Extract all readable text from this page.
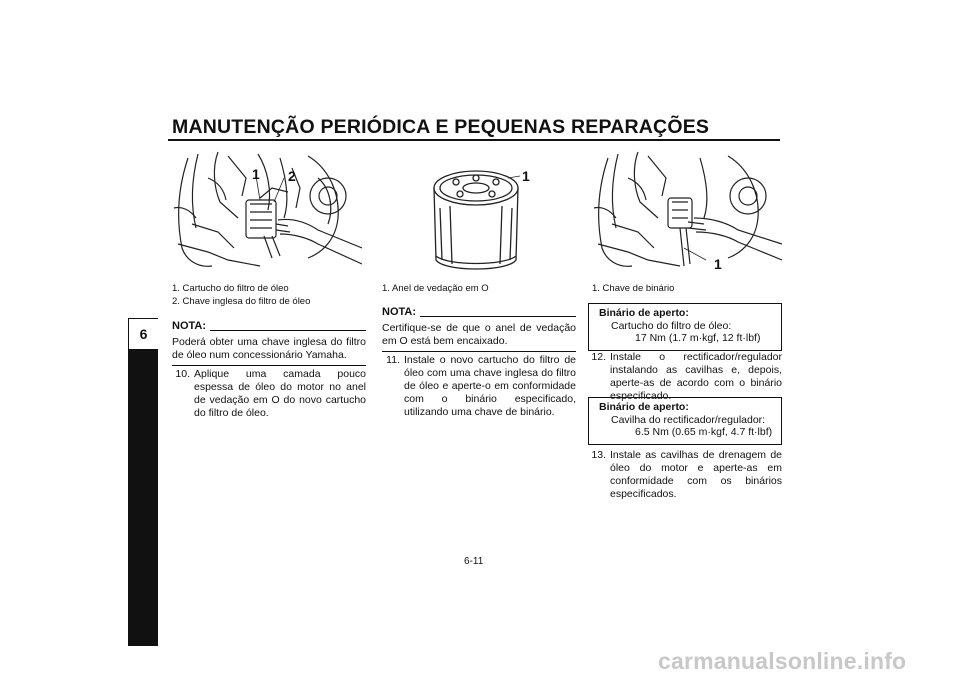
MANUTENÇÃO PERIÓDICA E PEQUENAS REPARAÇÕES
6
1 2	1
1
1. Cartucho do filtro de óleo
2. Chave inglesa do filtro de óleo
1. Anel de vedação em O	1. Chave de binário
NOTA:
Poderá obter uma chave inglesa do filtro de óleo num concessionário Yamaha.
10. Aplique uma camada pouco espessa de óleo do motor no anel de vedação em O do novo cartucho do filtro de óleo.
NOTA:
Certifique-se de que o anel de vedação em O está bem encaixado.
11. Instale o novo cartucho do filtro de óleo com uma chave inglesa do filtro de óleo e aperte-o em conformidade com o binário especificado, utilizando uma chave de binário.
Binário de aperto:
Cartucho do filtro de óleo:
17 Nm (1.7 m·kgf, 12 ft·lbf)
12. Instale o rectificador/regulador instalando as cavilhas e, depois, aperte-as de acordo com o binário especificado.
Binário de aperto:
Cavilha do rectificador/regulador:
6.5 Nm (0.65 m·kgf, 4.7 ft·lbf)
13. Instale as cavilhas de drenagem de óleo do motor e aperte-as em conformidade com os binários especificados.
6-11
carmanualsonline.info
